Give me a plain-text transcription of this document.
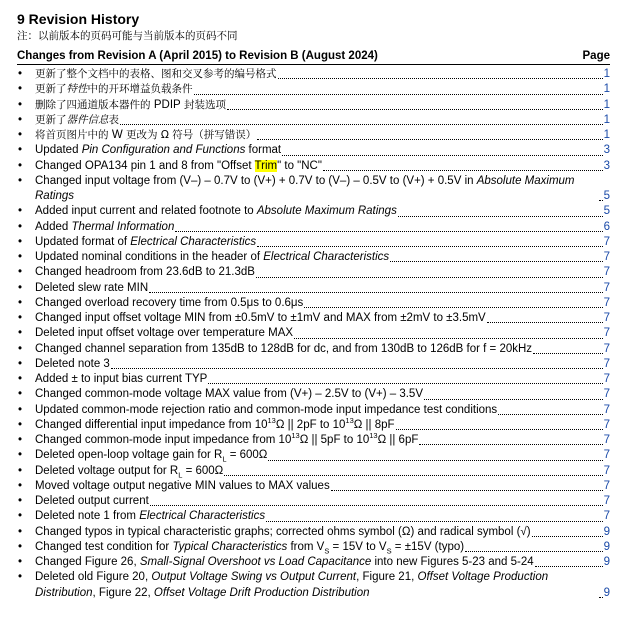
9 Revision History
注：以前版本的页码可能与当前版本的页码不同
Changes from Revision A (April 2015) to Revision B (August 2024)	Page
•	更新了整个文档中的表格、图和交叉参考的编号格式	1
•	更新了特性中的开环增益负载条件	1
•	删除了四通道版本器件的 PDIP 封装选项	1
•	更新了器件信息表	1
•	将首页图片中的 W 更改为 Ω 符号（拼写错误）	1
•	Updated Pin Configuration and Functions format	3
•	Changed OPA134 pin 1 and 8 from "Offset Trim" to "NC"	3
•	Changed input voltage from (V–) – 0.7V to (V+) + 0.7V to (V–) – 0.5V to (V+) + 0.5V in Absolute Maximum Ratings	5
•	Added input current and related footnote to Absolute Maximum Ratings	5
•	Added Thermal Information	6
•	Updated format of Electrical Characteristics	7
•	Updated nominal conditions in the header of Electrical Characteristics	7
•	Changed headroom from 23.6dB to 21.3dB	7
•	Deleted slew rate MIN	7
•	Changed overload recovery time from 0.5μs to 0.6μs	7
•	Changed input offset voltage MIN from ±0.5mV to ±1mV and MAX from ±2mV to ±3.5mV	7
•	Deleted input offset voltage over temperature MAX	7
•	Changed channel separation from 135dB to 128dB for dc, and from 130dB to 126dB for f = 20kHz	7
•	Deleted note 3	7
•	Added ± to input bias current TYP	7
•	Changed common-mode voltage MAX value from (V+) – 2.5V to (V+) – 3.5V	7
•	Updated common-mode rejection ratio and common-mode input impedance test conditions	7
•	Changed differential input impedance from $10^{13}\Omega$ || 2pF to $10^{13}\Omega$ || 8pF	7
•	Changed common-mode input impedance from $10^{13}\Omega$ || 5pF to $10^{13}\Omega$ || 6pF	7
•	Deleted open-loop voltage gain for $R_L = 600\Omega$	7
•	Deleted voltage output for $R_L = 600\Omega$	7
•	Moved voltage output negative MIN values to MAX values	7
•	Deleted output current	7
•	Deleted note 1 from Electrical Characteristics	7
•	Changed typos in typical characteristic graphs; corrected ohms symbol (Ω) and radical symbol (√)	9
•	Changed test condition for Typical Characteristics from $V_S = 15V$ to $V_S = \pm 15V$ (typo)	9
•	Changed Figure 26, Small-Signal Overshoot vs Load Capacitance into new Figures 5-23 and 5-24	9
•	Deleted old Figure 20, Output Voltage Swing vs Output Current, Figure 21, Offset Voltage Production Distribution, Figure 22, Offset Voltage Drift Production Distribution	9
